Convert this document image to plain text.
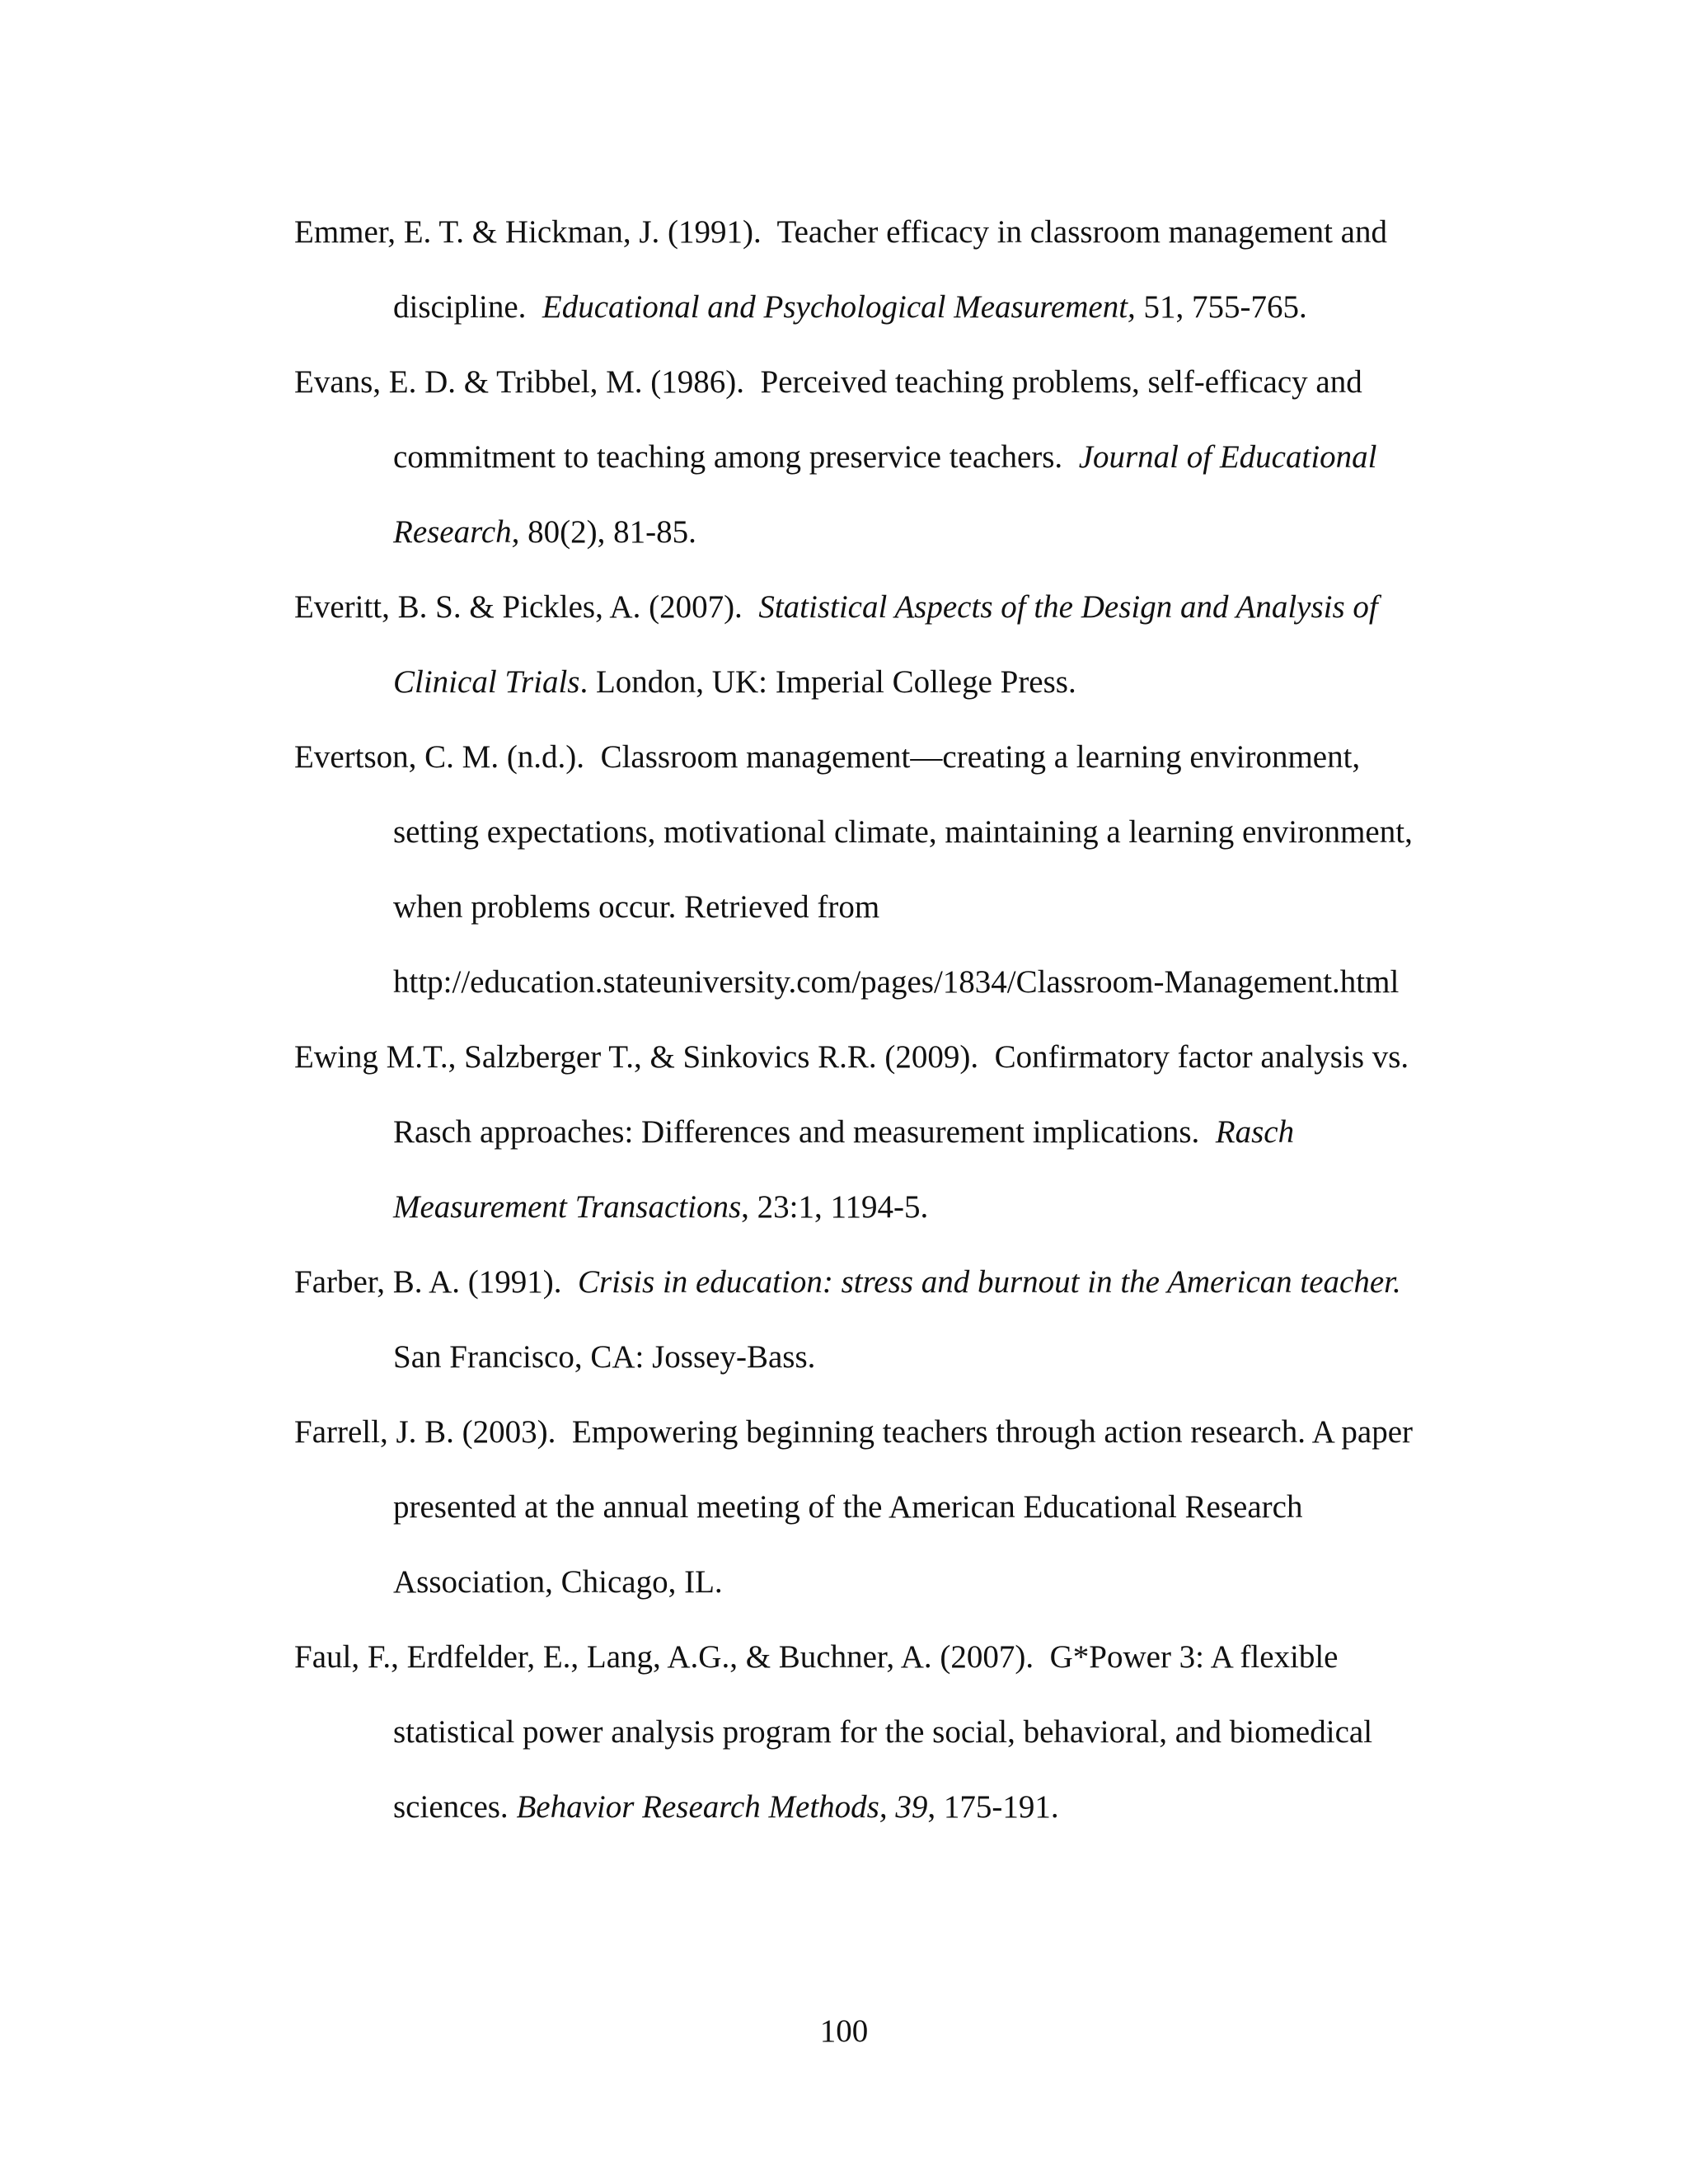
Emmer, E. T. & Hickman, J. (1991). Teacher efficacy in classroom management and discipline. Educational and Psychological Measurement, 51, 755-765.

Evans, E. D. & Tribbel, M. (1986). Perceived teaching problems, self-efficacy and commitment to teaching among preservice teachers. Journal of Educational Research, 80(2), 81-85.

Everitt, B. S. & Pickles, A. (2007). Statistical Aspects of the Design and Analysis of Clinical Trials. London, UK: Imperial College Press.

Evertson, C. M. (n.d.). Classroom management—creating a learning environment, setting expectations, motivational climate, maintaining a learning environment, when problems occur. Retrieved from http://education.stateuniversity.com/pages/1834/Classroom-Management.html

Ewing M.T., Salzberger T., & Sinkovics R.R. (2009). Confirmatory factor analysis vs. Rasch approaches: Differences and measurement implications. Rasch Measurement Transactions, 23:1, 1194-5.

Farber, B. A. (1991). Crisis in education: stress and burnout in the American teacher. San Francisco, CA: Jossey-Bass.

Farrell, J. B. (2003). Empowering beginning teachers through action research. A paper presented at the annual meeting of the American Educational Research Association, Chicago, IL.

Faul, F., Erdfelder, E., Lang, A.G., & Buchner, A. (2007). G*Power 3: A flexible statistical power analysis program for the social, behavioral, and biomedical sciences. Behavior Research Methods, 39, 175-191.

100
